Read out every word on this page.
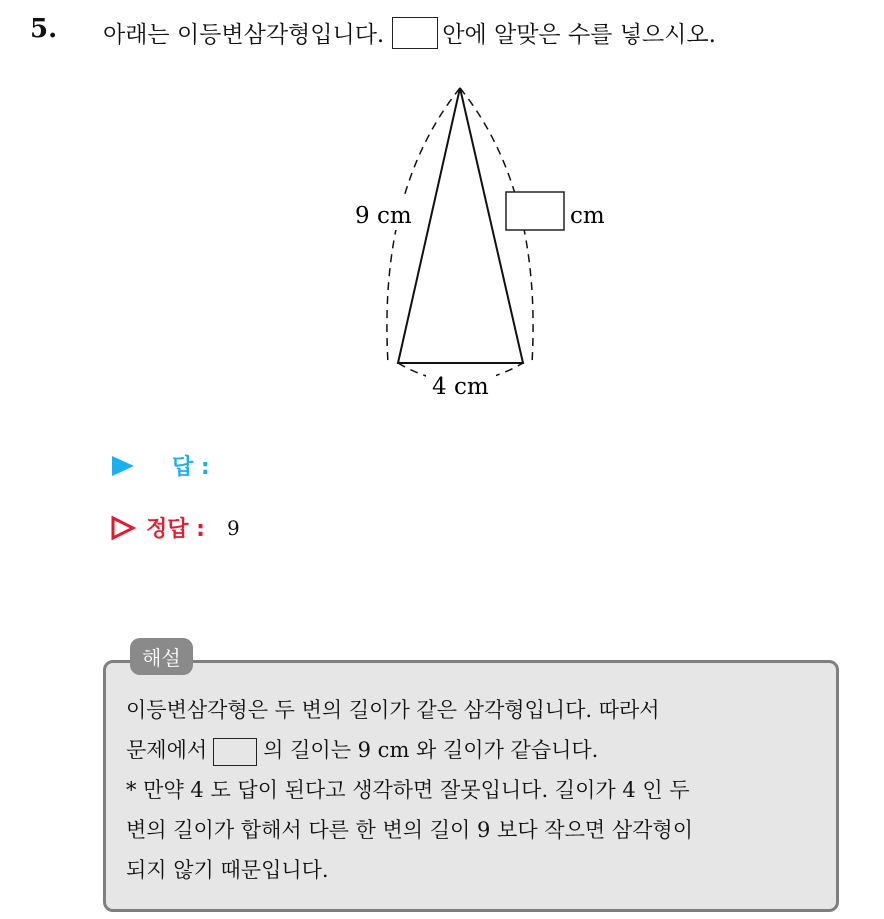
5. 아래는 이등변삼각형입니다.	안에 알맞은 수를 넣으시오.
9 cm	cm
4 cm
답 :
정답 : 9
해설
이등변삼각형은 두 변의 길이가 같은 삼각형입니다. 따라서
문제에서	의 길이는 9 cm 와 길이가 같습니다.
* 만약 4 도 답이 된다고 생각하면 잘못입니다. 길이가 4 인 두
변의 길이가 합해서 다른 한 변의 길이 9 보다 작으면 삼각형이
되지 않기 때문입니다.
